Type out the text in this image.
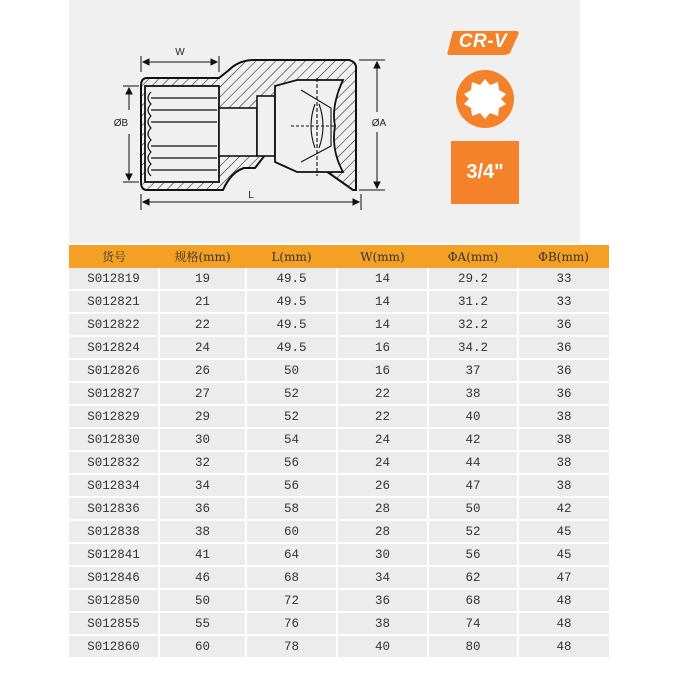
W
ØB	ØA
L
CR-V
3/4"
货号	规格(mm)	L(mm)	W(mm)	ΦA(mm)	ΦB(mm)
S012819	19	49.5	14	29.2	33
S012821	21	49.5	14	31.2	33
S012822	22	49.5	14	32.2	36
S012824	24	49.5	16	34.2	36
S012826	26	50	16	37	36
S012827	27	52	22	38	36
S012829	29	52	22	40	38
S012830	30	54	24	42	38
S012832	32	56	24	44	38
S012834	34	56	26	47	38
S012836	36	58	28	50	42
S012838	38	60	28	52	45
S012841	41	64	30	56	45
S012846	46	68	34	62	47
S012850	50	72	36	68	48
S012855	55	76	38	74	48
S012860	60	78	40	80	48
